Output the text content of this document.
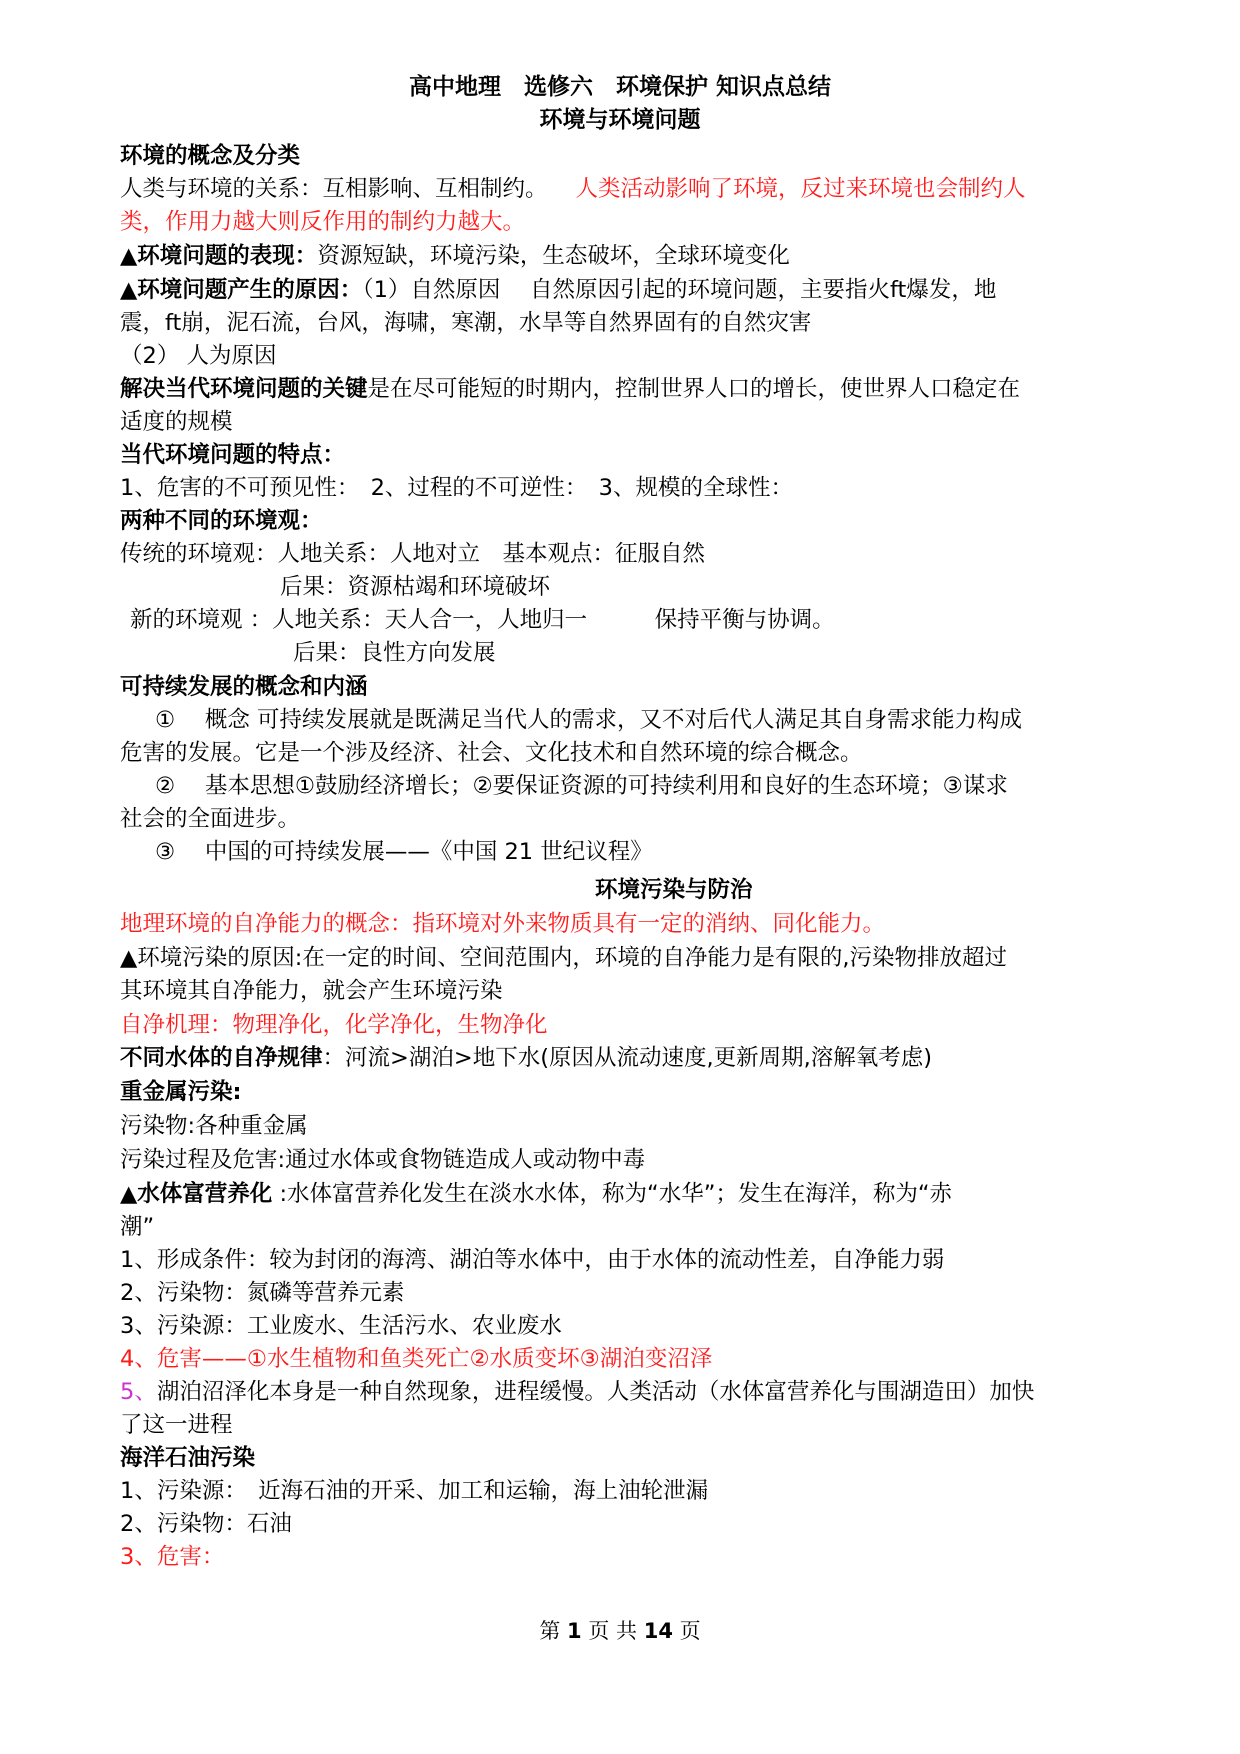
高中地理　选修六　环境保护 知识点总结
环境与环境问题
环境的概念及分类
人类与环境的关系：互相影响、互相制约。 人类活动影响了环境，反过来环境也会制约人
类，作用力越大则反作用的制约力越大。
▲环境问题的表现：资源短缺，环境污染，生态破坏，全球环境变化
▲环境问题产生的原因：（1）自然原因　 自然原因引起的环境问题，主要指火ft爆发，地
震，ft崩，泥石流，台风，海啸，寒潮，水旱等自然界固有的自然灾害
（2） 人为原因
解决当代环境问题的关键是在尽可能短的时期内，控制世界人口的增长，使世界人口稳定在
适度的规模
当代环境问题的特点：
1、危害的不可预见性：　2、过程的不可逆性：　3、规模的全球性：
两种不同的环境观：
传统的环境观：人地关系：人地对立　基本观点：征服自然
后果：资源枯竭和环境破坏
新的环境观 ：人地关系：天人合一，人地归一　　　保持平衡与协调。
后果：良性方向发展
可持续发展的概念和内涵
①　 概念 可持续发展就是既满足当代人的需求，又不对后代人满足其自身需求能力构成
危害的发展。它是一个涉及经济、社会、文化技术和自然环境的综合概念。
②　 基本思想①鼓励经济增长；②要保证资源的可持续利用和良好的生态环境；③谋求
社会的全面进步。
③　 中国的可持续发展——《中国 21 世纪议程》
环境污染与防治
地理环境的自净能力的概念：指环境对外来物质具有一定的消纳、同化能力。
▲环境污染的原因:在一定的时间、空间范围内，环境的自净能力是有限的,污染物排放超过
其环境其自净能力，就会产生环境污染
自净机理：物理净化，化学净化，生物净化
不同水体的自净规律：河流>湖泊>地下水(原因从流动速度,更新周期,溶解氧考虑)
重金属污染:
污染物:各种重金属
污染过程及危害:通过水体或食物链造成人或动物中毒
▲水体富营养化 :水体富营养化发生在淡水水体，称为“水华”；发生在海洋，称为“赤
潮”
1、形成条件：较为封闭的海湾、湖泊等水体中，由于水体的流动性差，自净能力弱
2、污染物：氮磷等营养元素
3、污染源：工业废水、生活污水、农业废水
4、危害——①水生植物和鱼类死亡②水质变坏③湖泊变沼泽
5、湖泊沼泽化本身是一种自然现象，进程缓慢。人类活动（水体富营养化与围湖造田）加快
了这一进程
海洋石油污染
1、污染源：　近海石油的开采、加工和运输，海上油轮泄漏
2、污染物：石油
3、危害：
第 1 页 共 14 页
